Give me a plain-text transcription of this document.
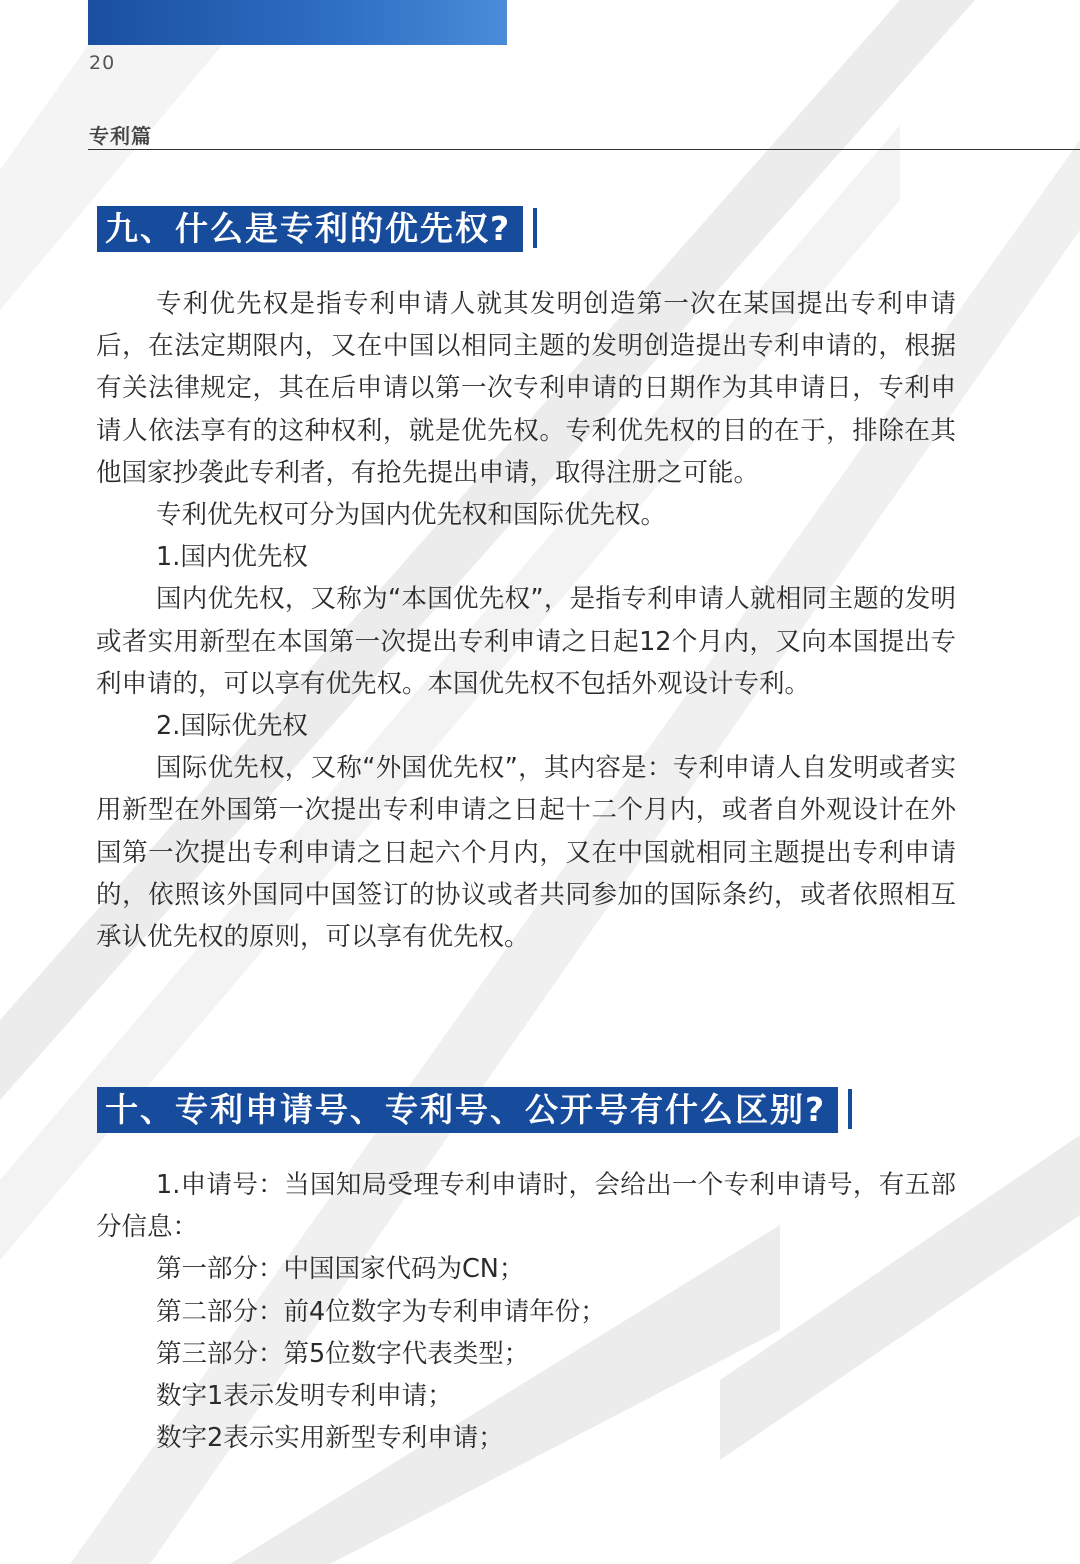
20
专利篇
九、什么是专利的优先权?

专利优先权是指专利申请人就其发明创造第一次在某国提出专利申请后，在法定期限内，又在中国以相同主题的发明创造提出专利申请的，根据有关法律规定，其在后申请以第一次专利申请的日期作为其申请日，专利申请人依法享有的这种权利，就是优先权。专利优先权的目的在于，排除在其他国家抄袭此专利者，有抢先提出申请，取得注册之可能。

专利优先权可分为国内优先权和国际优先权。

1.国内优先权

国内优先权，又称为“本国优先权”，是指专利申请人就相同主题的发明或者实用新型在本国第一次提出专利申请之日起12个月内，又向本国提出专利申请的，可以享有优先权。本国优先权不包括外观设计专利。

2.国际优先权

国际优先权，又称“外国优先权”，其内容是：专利申请人自发明或者实用新型在外国第一次提出专利申请之日起十二个月内，或者自外观设计在外国第一次提出专利申请之日起六个月内，又在中国就相同主题提出专利申请的，依照该外国同中国签订的协议或者共同参加的国际条约，或者依照相互承认优先权的原则，可以享有优先权。

十、专利申请号、专利号、公开号有什么区别?

1.申请号：当国知局受理专利申请时，会给出一个专利申请号，有五部分信息：

第一部分：中国国家代码为CN；

第二部分：前4位数字为专利申请年份；

第三部分：第5位数字代表类型；

数字1表示发明专利申请；

数字2表示实用新型专利申请；
